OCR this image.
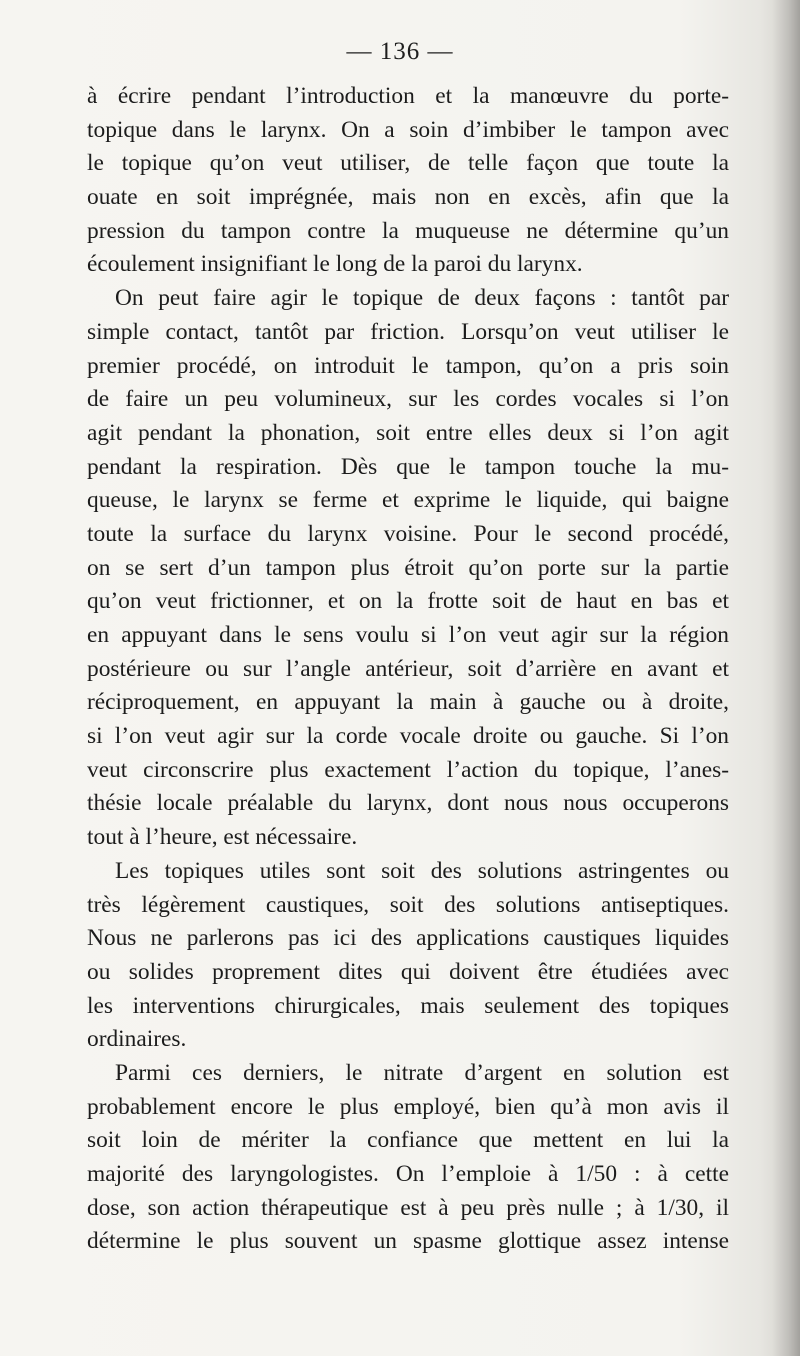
— 136 —
à écrire pendant l’introduction et la manœuvre du porte-
topique dans le larynx. On a soin d’imbiber le tampon avec
le topique qu’on veut utiliser, de telle façon que toute la
ouate en soit imprégnée, mais non en excès, afin que la
pression du tampon contre la muqueuse ne détermine qu’un
écoulement insignifiant le long de la paroi du larynx.
On peut faire agir le topique de deux façons : tantôt par
simple contact, tantôt par friction. Lorsqu’on veut utiliser le
premier procédé, on introduit le tampon, qu’on a pris soin
de faire un peu volumineux, sur les cordes vocales si l’on
agit pendant la phonation, soit entre elles deux si l’on agit
pendant la respiration. Dès que le tampon touche la mu-
queuse, le larynx se ferme et exprime le liquide, qui baigne
toute la surface du larynx voisine. Pour le second procédé,
on se sert d’un tampon plus étroit qu’on porte sur la partie
qu’on veut frictionner, et on la frotte soit de haut en bas et
en appuyant dans le sens voulu si l’on veut agir sur la région
postérieure ou sur l’angle antérieur, soit d’arrière en avant et
réciproquement, en appuyant la main à gauche ou à droite,
si l’on veut agir sur la corde vocale droite ou gauche. Si l’on
veut circonscrire plus exactement l’action du topique, l’anes-
thésie locale préalable du larynx, dont nous nous occuperons
tout à l’heure, est nécessaire.
Les topiques utiles sont soit des solutions astringentes ou
très légèrement caustiques, soit des solutions antiseptiques.
Nous ne parlerons pas ici des applications caustiques liquides
ou solides proprement dites qui doivent être étudiées avec
les interventions chirurgicales, mais seulement des topiques
ordinaires.
Parmi ces derniers, le nitrate d’argent en solution est
probablement encore le plus employé, bien qu’à mon avis il
soit loin de mériter la confiance que mettent en lui la
majorité des laryngologistes. On l’emploie à 1/50 : à cette
dose, son action thérapeutique est à peu près nulle ; à 1/30, il
détermine le plus souvent un spasme glottique assez intense
